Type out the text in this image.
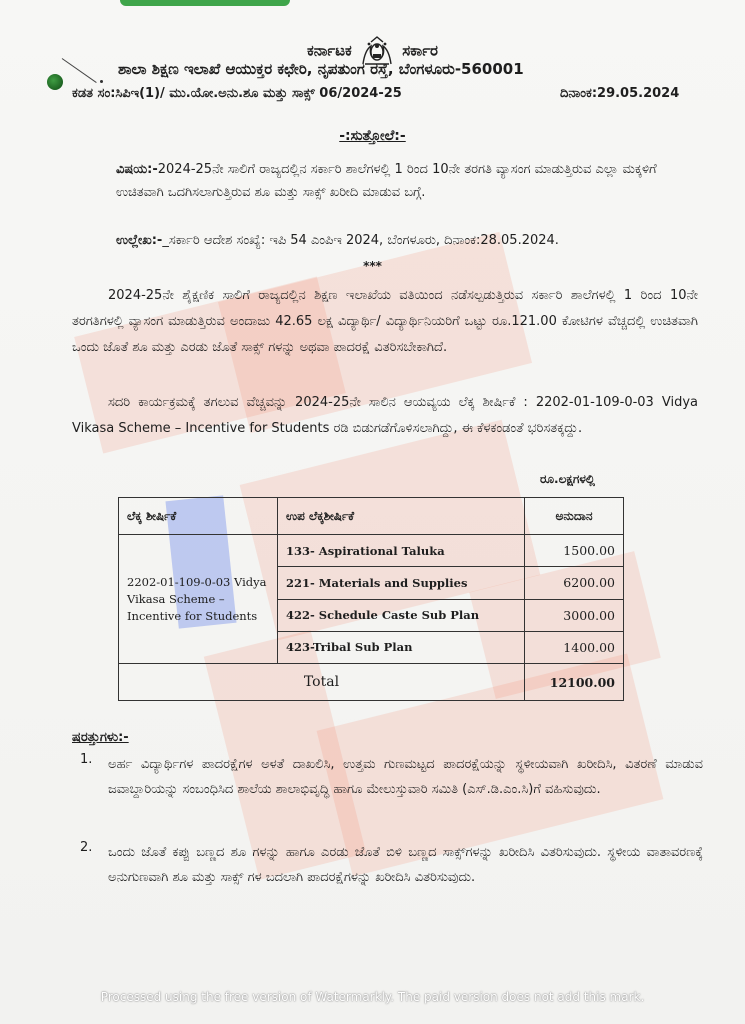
ಕರ್ನಾಟಕ	ಸರ್ಕಾರ
ಶಾಲಾ ಶಿಕ್ಷಣ ಇಲಾಖೆ ಆಯುಕ್ತರ ಕಛೇರಿ, ನೃಪತುಂಗ ರಸ್ತೆ, ಬೆಂಗಳೂರು-560001
ಕಡತ ಸಂ:ಸಿಪಿಇ(1)/ ಮು.ಯೋ.ಅನು.ಶೂ ಮತ್ತು ಸಾಕ್ಸ್ 06/2024-25	ದಿನಾಂಕ:29.05.2024
-:ಸುತ್ತೋಲೆ:-
ವಿಷಯ:-2024-25ನೇ ಸಾಲಿಗೆ ರಾಜ್ಯದಲ್ಲಿನ ಸರ್ಕಾರಿ ಶಾಲೆಗಳಲ್ಲಿ 1 ರಿಂದ 10ನೇ ತರಗತಿ ವ್ಯಾಸಂಗ ಮಾಡುತ್ತಿರುವ ಎಲ್ಲಾ ಮಕ್ಕಳಿಗೆ ಉಚಿತವಾಗಿ ಒದಗಿಸಲಾಗುತ್ತಿರುವ ಶೂ ಮತ್ತು ಸಾಕ್ಸ್ ಖರೀದಿ ಮಾಡುವ ಬಗ್ಗೆ.
ಉಲ್ಲೇಖ:-_ಸರ್ಕಾರಿ ಆದೇಶ ಸಂಖ್ಯೆ: ಇಪಿ 54 ಎಂಪಿಇ 2024, ಬೆಂಗಳೂರು, ದಿನಾಂಕ:28.05.2024.
***
2024-25ನೇ ಶೈಕ್ಷಣಿಕ ಸಾಲಿಗೆ ರಾಜ್ಯದಲ್ಲಿನ ಶಿಕ್ಷಣ ಇಲಾಖೆಯ ವತಿಯಿಂದ ನಡೆಸಲ್ಪಡುತ್ತಿರುವ ಸರ್ಕಾರಿ ಶಾಲೆಗಳಲ್ಲಿ 1 ರಿಂದ 10ನೇ ತರಗತಿಗಳಲ್ಲಿ ವ್ಯಾಸಂಗ ಮಾಡುತ್ತಿರುವ ಅಂದಾಜು 42.65 ಲಕ್ಷ ವಿದ್ಯಾರ್ಥಿ/ ವಿದ್ಯಾರ್ಥಿನಿಯರಿಗೆ ಒಟ್ಟು ರೂ.121.00 ಕೋಟಿಗಳ ವೆಚ್ಚದಲ್ಲಿ ಉಚಿತವಾಗಿ ಒಂದು ಜೊತೆ ಶೂ ಮತ್ತು ಎರಡು ಜೊತೆ ಸಾಕ್ಸ್ ಗಳನ್ನು ಅಥವಾ ಪಾದರಕ್ಷೆ ವಿತರಿಸಬೇಕಾಗಿದೆ.
ಸದರಿ ಕಾರ್ಯಕ್ರಮಕ್ಕೆ ತಗಲುವ ವೆಚ್ಚವನ್ನು 2024-25ನೇ ಸಾಲಿನ ಆಯವ್ಯಯ ಲೆಕ್ಕ ಶೀರ್ಷಿಕೆ : 2202-01-109-0-03 Vidya Vikasa Scheme – Incentive for Students ರಡಿ ಬಿಡುಗಡೆಗೊಳಿಸಲಾಗಿದ್ದು, ಈ ಕೆಳಕಂಡಂತೆ ಭರಿಸತಕ್ಕದ್ದು.
ರೂ.ಲಕ್ಷಗಳಲ್ಲಿ
ಲೆಕ್ಕ ಶೀರ್ಷಿಕೆ	ಉಪ ಲೆಕ್ಕಶೀರ್ಷಿಕೆ	ಅನುದಾನ
2202-01-109-0-03 Vidya Vikasa Scheme – Incentive for Students	133- Aspirational Taluka	1500.00
	221- Materials and Supplies	6200.00
	422- Schedule Caste Sub Plan	3000.00
	423-Tribal Sub Plan	1400.00
Total		12100.00
ಷರತ್ತುಗಳು:-
1. ಅರ್ಹ ವಿದ್ಯಾರ್ಥಿಗಳ ಪಾದರಕ್ಷೆಗಳ ಅಳತೆ ದಾಖಲಿಸಿ, ಉತ್ತಮ ಗುಣಮಟ್ಟದ ಪಾದರಕ್ಷೆಯನ್ನು ಸ್ಥಳೀಯವಾಗಿ ಖರೀದಿಸಿ, ವಿತರಣೆ ಮಾಡುವ ಜವಾಬ್ದಾರಿಯನ್ನು ಸಂಬಂಧಿಸಿದ ಶಾಲೆಯ ಶಾಲಾಭಿವೃದ್ಧಿ ಹಾಗೂ ಮೇಲುಸ್ತುವಾರಿ ಸಮಿತಿ (ಎಸ್.ಡಿ.ಎಂ.ಸಿ)ಗೆ ವಹಿಸುವುದು.
2. ಒಂದು ಜೊತೆ ಕಪ್ಪು ಬಣ್ಣದ ಶೂ ಗಳನ್ನು ಹಾಗೂ ಎರಡು ಜೊತೆ ಬಿಳಿ ಬಣ್ಣದ ಸಾಕ್ಸ್‌ಗಳನ್ನು ಖರೀದಿಸಿ ವಿತರಿಸುವುದು. ಸ್ಥಳೀಯ ವಾತಾವರಣಕ್ಕೆ ಅನುಗುಣವಾಗಿ ಶೂ ಮತ್ತು ಸಾಕ್ಸ್ ಗಳ ಬದಲಾಗಿ ಪಾದರಕ್ಷೆಗಳನ್ನು ಖರೀದಿಸಿ ವಿತರಿಸುವುದು.
Processed using the free version of Watermarkly. The paid version does not add this mark.
